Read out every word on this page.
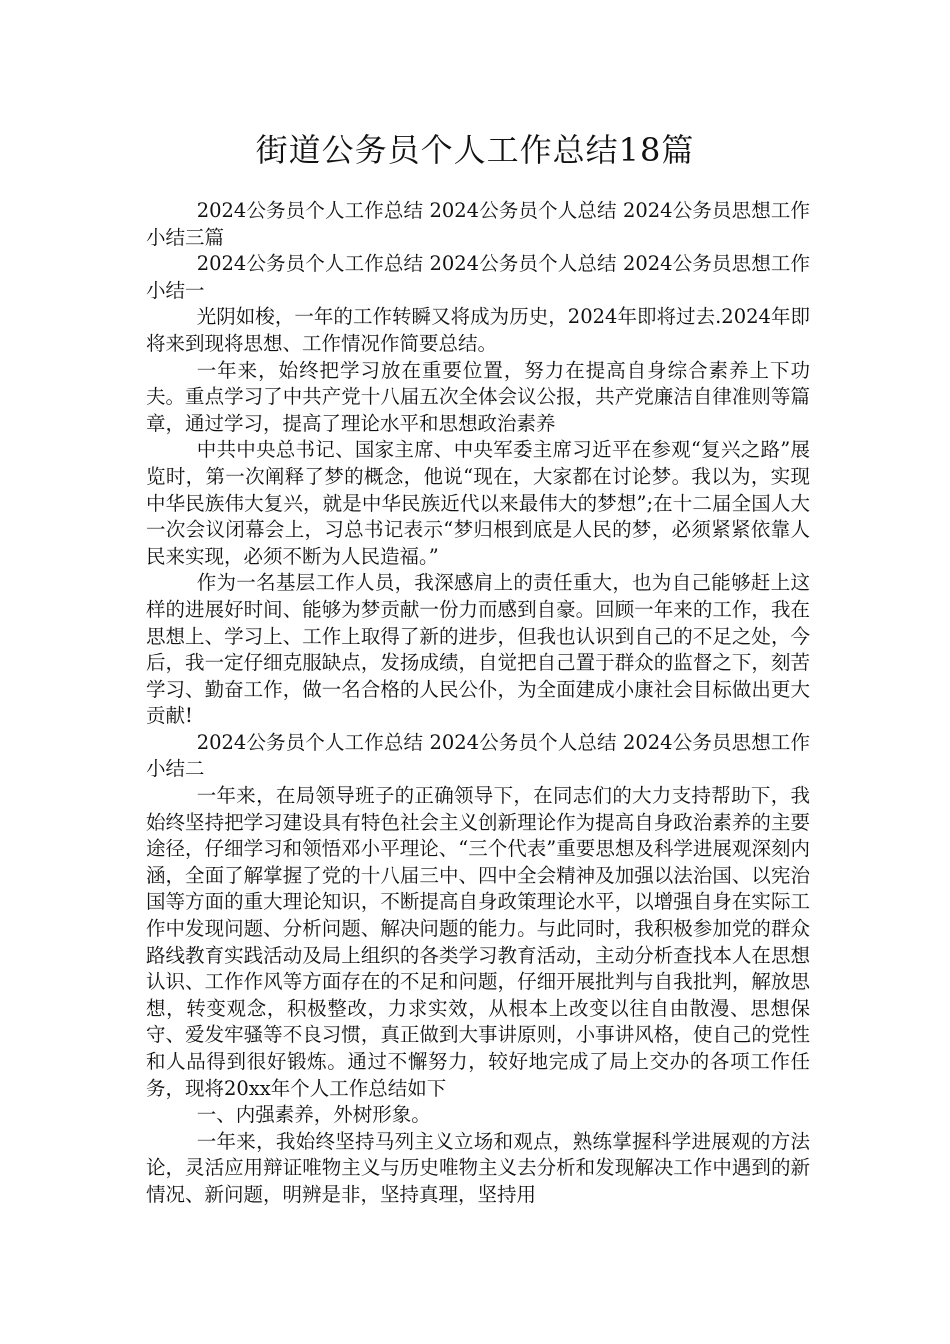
街道公务员个人工作总结18篇

2024公务员个人工作总结 2024公务员个人总结 2024公务员思想工作小结三篇

2024公务员个人工作总结 2024公务员个人总结 2024公务员思想工作小结一

光阴如梭，一年的工作转瞬又将成为历史，2024年即将过去.2024年即将来到现将思想、工作情况作简要总结。

一年来，始终把学习放在重要位置，努力在提高自身综合素养上下功夫。重点学习了中共产党十八届五次全体会议公报，共产党廉洁自律准则等篇章，通过学习，提高了理论水平和思想政治素养

中共中央总书记、国家主席、中央军委主席习近平在参观“复兴之路”展览时，第一次阐释了梦的概念，他说“现在，大家都在讨论梦。我以为，实现中华民族伟大复兴，就是中华民族近代以来最伟大的梦想”;在十二届全国人大一次会议闭幕会上，习总书记表示“梦归根到底是人民的梦，必须紧紧依靠人民来实现，必须不断为人民造福。”

作为一名基层工作人员，我深感肩上的责任重大，也为自己能够赶上这样的进展好时间、能够为梦贡献一份力而感到自豪。回顾一年来的工作，我在思想上、学习上、工作上取得了新的进步，但我也认识到自己的不足之处，今后，我一定仔细克服缺点，发扬成绩，自觉把自己置于群众的监督之下，刻苦学习、勤奋工作，做一名合格的人民公仆，为全面建成小康社会目标做出更大贡献!

2024公务员个人工作总结 2024公务员个人总结 2024公务员思想工作小结二

一年来，在局领导班子的正确领导下，在同志们的大力支持帮助下，我始终坚持把学习建设具有特色社会主义创新理论作为提高自身政治素养的主要途径，仔细学习和领悟邓小平理论、“三个代表”重要思想及科学进展观深刻内涵，全面了解掌握了党的十八届三中、四中全会精神及加强以法治国、以宪治国等方面的重大理论知识，不断提高自身政策理论水平，以增强自身在实际工作中发现问题、分析问题、解决问题的能力。与此同时，我积极参加党的群众路线教育实践活动及局上组织的各类学习教育活动，主动分析查找本人在思想认识、工作作风等方面存在的不足和问题，仔细开展批判与自我批判，解放思想，转变观念，积极整改，力求实效，从根本上改变以往自由散漫、思想保守、爱发牢骚等不良习惯，真正做到大事讲原则，小事讲风格，使自己的党性和人品得到很好锻炼。通过不懈努力，较好地完成了局上交办的各项工作任务，现将20xx年个人工作总结如下

一、内强素养，外树形象。

一年来，我始终坚持马列主义立场和观点，熟练掌握科学进展观的方法论，灵活应用辩证唯物主义与历史唯物主义去分析和发现解决工作中遇到的新情况、新问题，明辨是非，坚持真理，坚持用
